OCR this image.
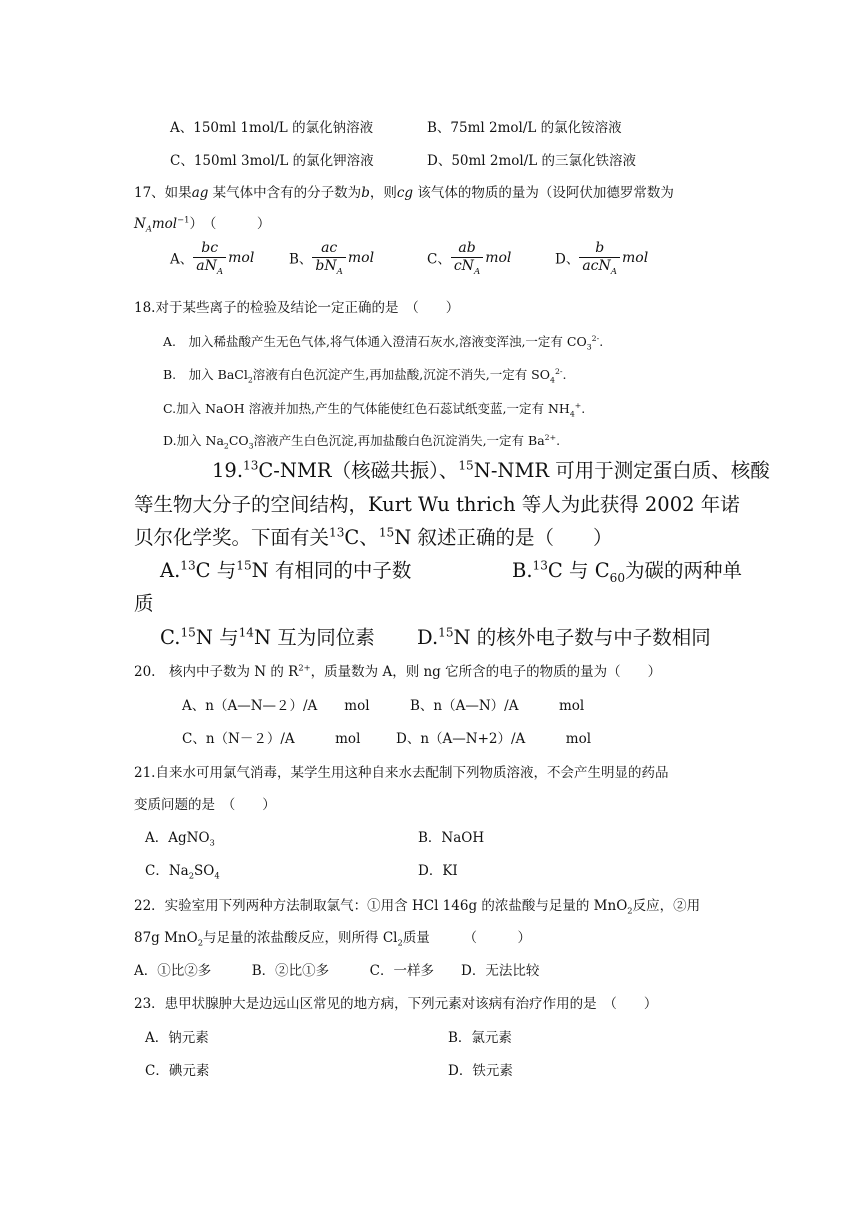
A、150ml 1mol/L 的氯化钠溶液	B、75ml 2mol/L 的氯化铵溶液
C、150ml 3mol/L 的氯化钾溶液	D、50ml 2mol/L 的三氯化铁溶液
17、如果ag 某气体中含有的分子数为b，则cg 该气体的物质的量为（设阿伏加德罗常数为
$N_Amol^{-1}$）　（　　　）
A、 $\frac{bc}{aN_A}$ mol	B、 $\frac{ac}{bN_A}$ mol	C、 $\frac{ab}{cN_A}$ mol	D、 $\frac{b}{acN_A}$ mol
18.对于某些离子的检验及结论一定正确的是　（　　）
A.　加入稀盐酸产生无色气体,将气体通入澄清石灰水,溶液变浑浊,一定有 $CO_3^{2-}$.
B.　加入 BaCl$_2$溶液有白色沉淀产生,再加盐酸,沉淀不消失,一定有 $SO_4^{2-}$.
C.加入 NaOH 溶液并加热,产生的气体能使红色石蕊试纸变蓝,一定有 $NH_4^+$.
D.加入 $Na_2CO_3$溶液产生白色沉淀,再加盐酸白色沉淀消失,一定有 $Ba^{2+}$.
19.13C-NMR（核磁共振）、$^{15}$N-NMR 可用于测定蛋白质、核酸
等生物大分子的空间结构，Kurt Wu thrich 等人为此获得 2002 年诺
贝尔化学奖。下面有关$^{13}$C、$^{15}$N 叙述正确的是（　　）
A.$^{13}$C 与$^{15}$N 有相同的中子数	B.$^{13}$C 与 $C_{60}$为碳的两种单
质
C.$^{15}$N 与$^{14}$N 互为同位素 D.$^{15}$N 的核外电子数与中子数相同
20.　核内中子数为 N 的 $R^{2+}$，质量数为 A，则 ng 它所含的电子的物质的量为（　　）
A、n（A—N—２）/A　　mol	B、n（A—N）/A　　　mol
C、n（N－２）/A　　　mol	D、n（A—N+2）/A　　　mol
21.自来水可用氯气消毒，某学生用这种自来水去配制下列物质溶液，不会产生明显的药品
变质问题的是　（　　）
A．AgNO$_3$	B．NaOH
C．$Na_2SO_4$	D．KI
22．实验室用下列两种方法制取氯气：①用含 HCl 146g 的浓盐酸与足量的 MnO$_2$反应，②用
87g MnO$_2$与足量的浓盐酸反应，则所得 $Cl_2$质量　　　（　　　）
A．①比②多　　　B．②比①多　　　C．一样多　　D．无法比较
23．患甲状腺肿大是边远山区常见的地方病，下列元素对该病有治疗作用的是　（　　）
A．钠元素	B．氯元素
C．碘元素	D．铁元素
